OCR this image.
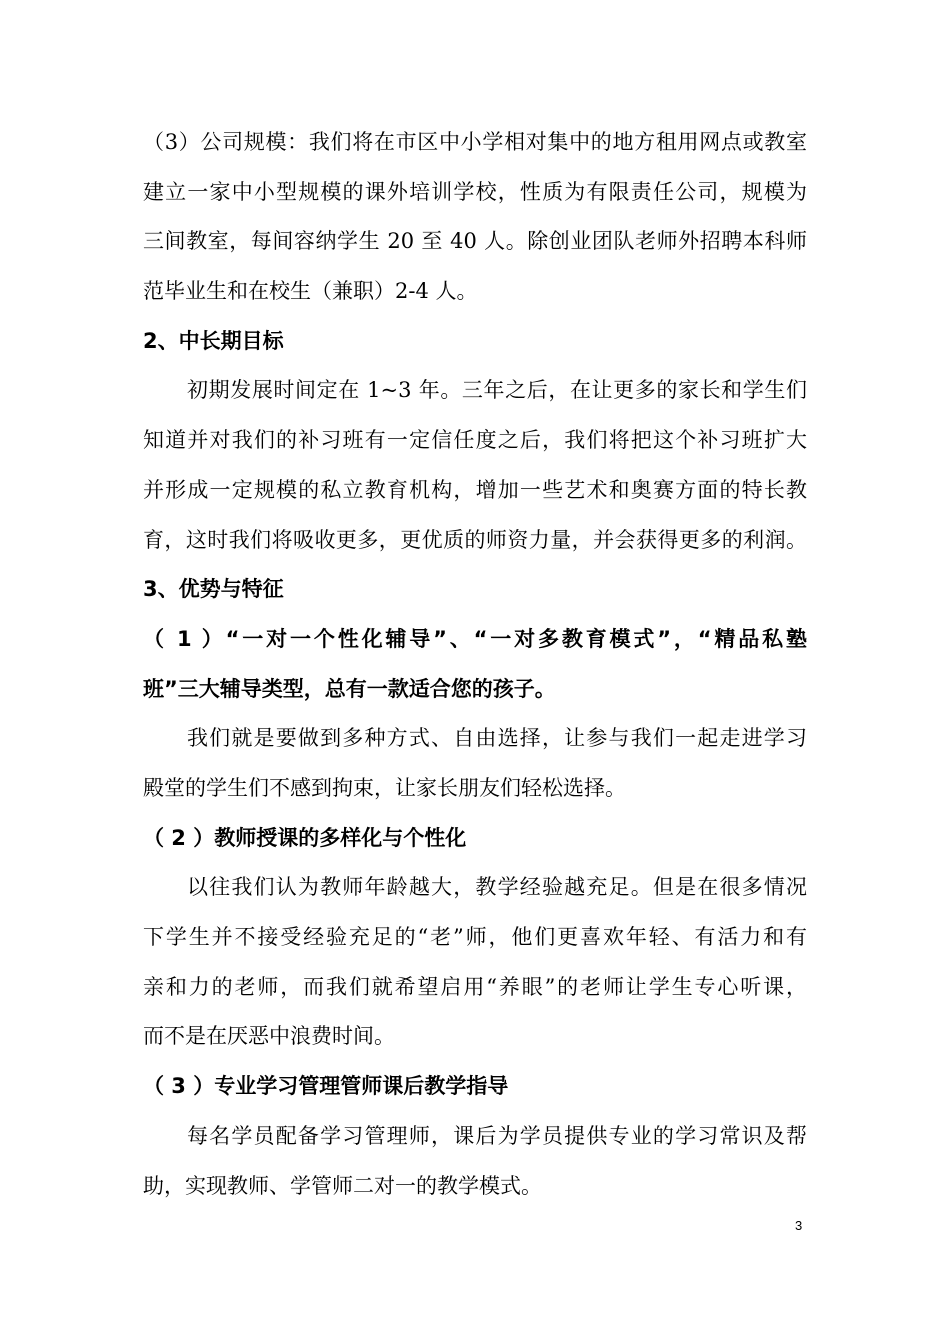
（3）公司规模：我们将在市区中小学相对集中的地方租用网点或教室
建立一家中小型规模的课外培训学校，性质为有限责任公司，规模为
三间教室，每间容纳学生 20 至 40 人。除创业团队老师外招聘本科师
范毕业生和在校生（兼职）2-4 人。
2、中长期目标
初期发展时间定在 1~3 年。三年之后，在让更多的家长和学生们
知道并对我们的补习班有一定信任度之后，我们将把这个补习班扩大
并形成一定规模的私立教育机构，增加一些艺术和奥赛方面的特长教
育，这时我们将吸收更多，更优质的师资力量，并会获得更多的利润。
3、优势与特征
（ 1 ）“一对一个性化辅导”、“一对多教育模式”，“精品私塾
班”三大辅导类型，总有一款适合您的孩子。
我们就是要做到多种方式、自由选择，让参与我们一起走进学习
殿堂的学生们不感到拘束，让家长朋友们轻松选择。
（ 2 ）教师授课的多样化与个性化
以往我们认为教师年龄越大，教学经验越充足。但是在很多情况
下学生并不接受经验充足的“老”师，他们更喜欢年轻、有活力和有
亲和力的老师，而我们就希望启用“养眼”的老师让学生专心听课，
而不是在厌恶中浪费时间。
（ 3 ）专业学习管理管师课后教学指导
每名学员配备学习管理师，课后为学员提供专业的学习常识及帮
助，实现教师、学管师二对一的教学模式。
3
